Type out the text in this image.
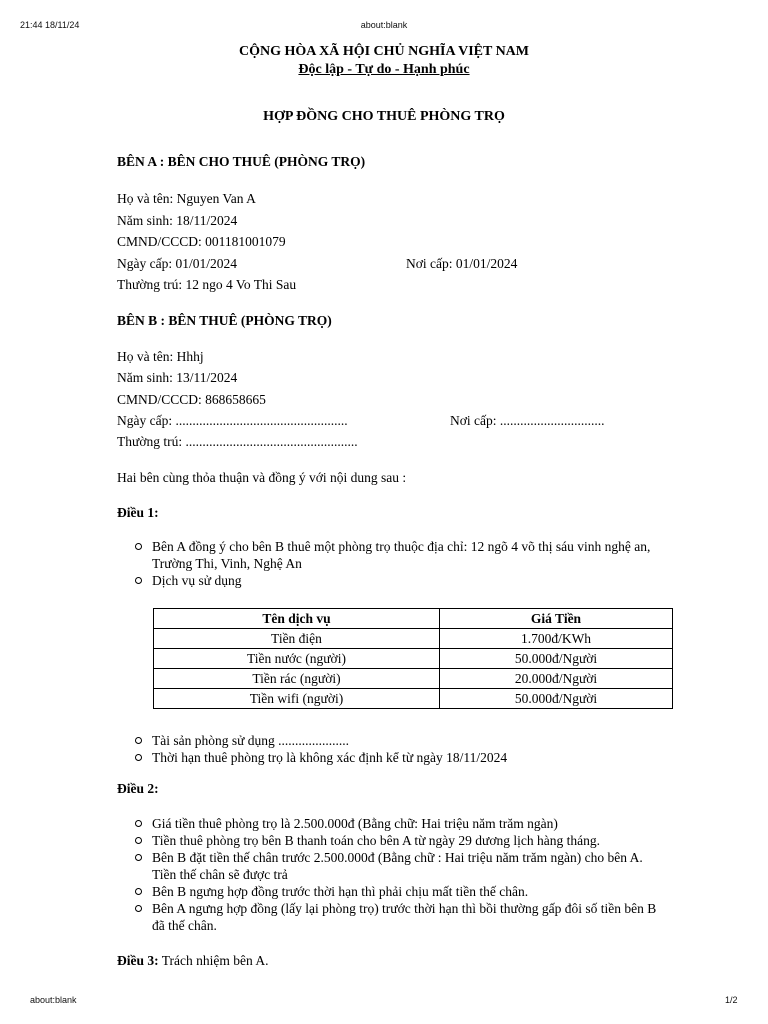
21:44 18/11/24	about:blank
about:blank	1/2
CỘNG HÒA XÃ HỘI CHỦ NGHĨA VIỆT NAM
Độc lập - Tự do - Hạnh phúc
HỢP ĐỒNG CHO THUÊ PHÒNG TRỌ
BÊN A : BÊN CHO THUÊ (PHÒNG TRỌ)
Họ và tên: Nguyen Van A
Năm sinh: 18/11/2024
CMND/CCCD: 001181001079
Ngày cấp: 01/01/2024	Nơi cấp: 01/01/2024
Thường trú: 12 ngo 4 Vo Thi Sau
BÊN B : BÊN THUÊ (PHÒNG TRỌ)
Họ và tên: Hhhj
Năm sinh: 13/11/2024
CMND/CCCD: 868658665
Ngày cấp: ...................................................	Nơi cấp: ...............................
Thường trú: ...................................................
Hai bên cùng thỏa thuận và đồng ý với nội dung sau :
Điều 1:
Bên A đồng ý cho bên B thuê một phòng trọ thuộc địa chỉ: 12 ngõ 4 võ thị sáu vinh nghệ an, Trường Thi, Vinh, Nghệ An
Dịch vụ sử dụng
Tên dịch vụ	Giá Tiền
Tiền điện	1.700đ/KWh
Tiền nước (người)	50.000đ/Người
Tiền rác (người)	20.000đ/Người
Tiền wifi (người)	50.000đ/Người
Tài sản phòng sử dụng .....................
Thời hạn thuê phòng trọ là không xác định kể từ ngày 18/11/2024
Điều 2:
Giá tiền thuê phòng trọ là 2.500.000đ (Bằng chữ: Hai triệu năm trăm ngàn)
Tiền thuê phòng trọ bên B thanh toán cho bên A từ ngày 29 dương lịch hàng tháng.
Bên B đặt tiền thế chân trước 2.500.000đ (Bằng chữ : Hai triệu năm trăm ngàn) cho bên A. Tiền thế chân sẽ được trả
Bên B ngưng hợp đồng trước thời hạn thì phải chịu mất tiền thế chân.
Bên A ngưng hợp đồng (lấy lại phòng trọ) trước thời hạn thì bồi thường gấp đôi số tiền bên B đã thế chân.
Điều 3: Trách nhiệm bên A.
